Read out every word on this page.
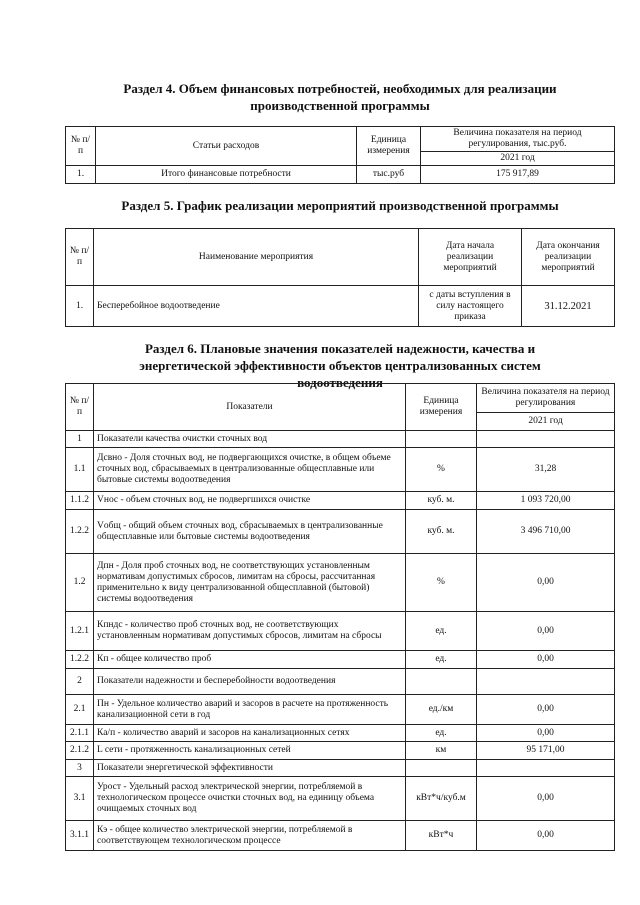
Раздел 4. Объем финансовых потребностей, необходимых для реализации производственной программы
№ п/п	Статьи расходов	Единица измерения	Величина показателя на период регулирования, тыс.руб.
			2021 год
1.	Итого финансовые потребности	тыс.руб	175 917,89
Раздел 5. График реализации мероприятий производственной программы
№ п/п	Наименование мероприятия	Дата начала реализации мероприятий	Дата окончания реализации мероприятий
1.	Бесперебойное водоотведение	с даты вступления в силу настоящего приказа	31.12.2021
Раздел 6. Плановые значения показателей надежности, качества и энергетической эффективности объектов централизованных систем водоотведения
№ п/п	Показатели	Единица измерения	Величина показателя на период регулирования
			2021 год
1	Показатели качества очистки сточных вод		
1.1	Дсвно - Доля сточных вод, не подвергающихся очистке, в общем объеме сточных вод, сбрасываемых в централизованные общесплавные или бытовые системы водоотведения	%	31,28
1.1.2	Vнос - объем сточных вод, не подвергшихся очистке	куб. м.	1 093 720,00
1.2.2	Vобщ - общий объем сточных вод, сбрасываемых в централизованные общесплавные или бытовые системы водоотведения	куб. м.	3 496 710,00
1.2	Дпн - Доля проб сточных вод, не соответствующих установленным нормативам допустимых сбросов, лимитам на сбросы, рассчитанная применительно к виду централизованной общесплавной (бытовой) системы водоотведения	%	0,00
1.2.1	Кпндс - количество проб сточных вод, не соответствующих установленным нормативам допустимых сбросов, лимитам на сбросы	ед.	0,00
1.2.2	Кп - общее количество проб	ед.	0,00
2	Показатели надежности и бесперебойности водоотведения		
2.1	Пн - Удельное количество аварий и засоров в расчете на протяженность канализационной сети в год	ед./км	0,00
2.1.1	Ка/п - количество аварий и засоров на канализационных сетях	ед.	0,00
2.1.2	L сети - протяженность канализационных сетей	км	95 171,00
3	Показатели энергетической эффективности		
3.1	Урост - Удельный расход электрической энергии, потребляемой в технологическом процессе очистки сточных вод, на единицу объема очищаемых сточных вод	кВт*ч/куб.м	0,00
3.1.1	Кэ - общее количество электрической энергии, потребляемой в соответствующем технологическом процессе	кВт*ч	0,00
